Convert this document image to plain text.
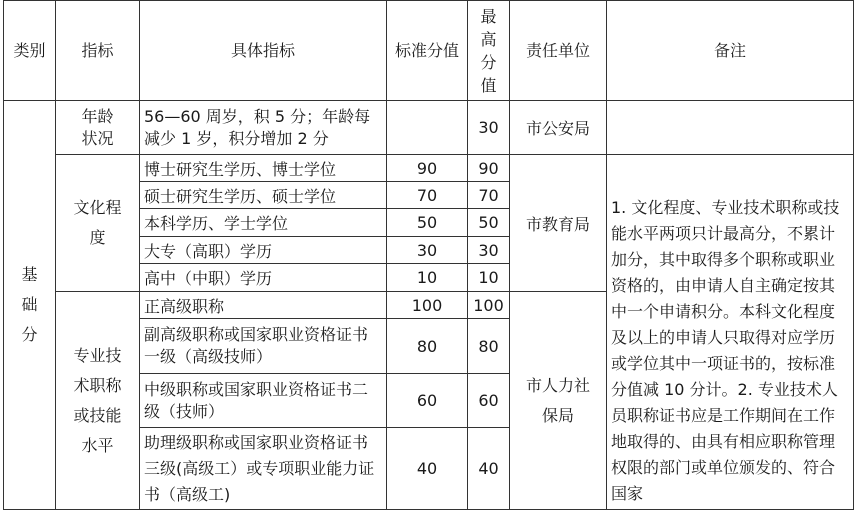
类别	指标	具体指标	标准分值	最高分值	责任单位	备注
基础分	年龄状况	56—60 周岁，积 5 分；年龄每减少 1 岁，积分增加 2 分		30	市公安局	
	文化程度	博士研究生学历、博士学位	90	90	市教育局	1. 文化程度、专业技术职称或技能水平两项只计最高分，不累计加分，其中取得多个职称或职业资格的，由申请人自主确定按其中一个申请积分。本科文化程度及以上的申请人只取得对应学历或学位其中一项证书的，按标准分值减 10 分计。2. 专业技术人员职称证书应是工作期间在工作地取得的、由具有相应职称管理权限的部门或单位颁发的、符合国家
		硕士研究生学历、硕士学位	70	70		
		本科学历、学士学位	50	50		
		大专（高职）学历	30	30		
		高中（中职）学历	10	10		
	专业技术职称或技能水平	正高级职称	100	100	市人力社保局	
		副高级职称或国家职业资格证书一级（高级技师）	80	80		
		中级职称或国家职业资格证书二级（技师）	60	60		
		助理级职称或国家职业资格证书三级(高级工）或专项职业能力证书（高级工)	40	40		
